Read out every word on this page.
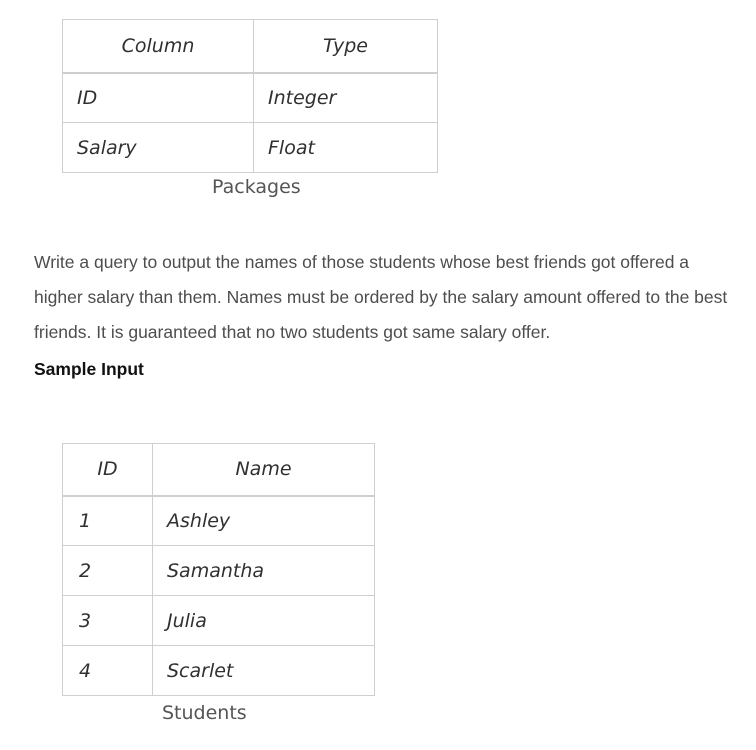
Column	Type
ID	Integer
Salary	Float
Packages

Write a query to output the names of those students whose best friends got offered a higher salary than them. Names must be ordered by the salary amount offered to the best friends. It is guaranteed that no two students got same salary offer.

Sample Input

ID	Name
1	Ashley
2	Samantha
3	Julia
4	Scarlet
Students
